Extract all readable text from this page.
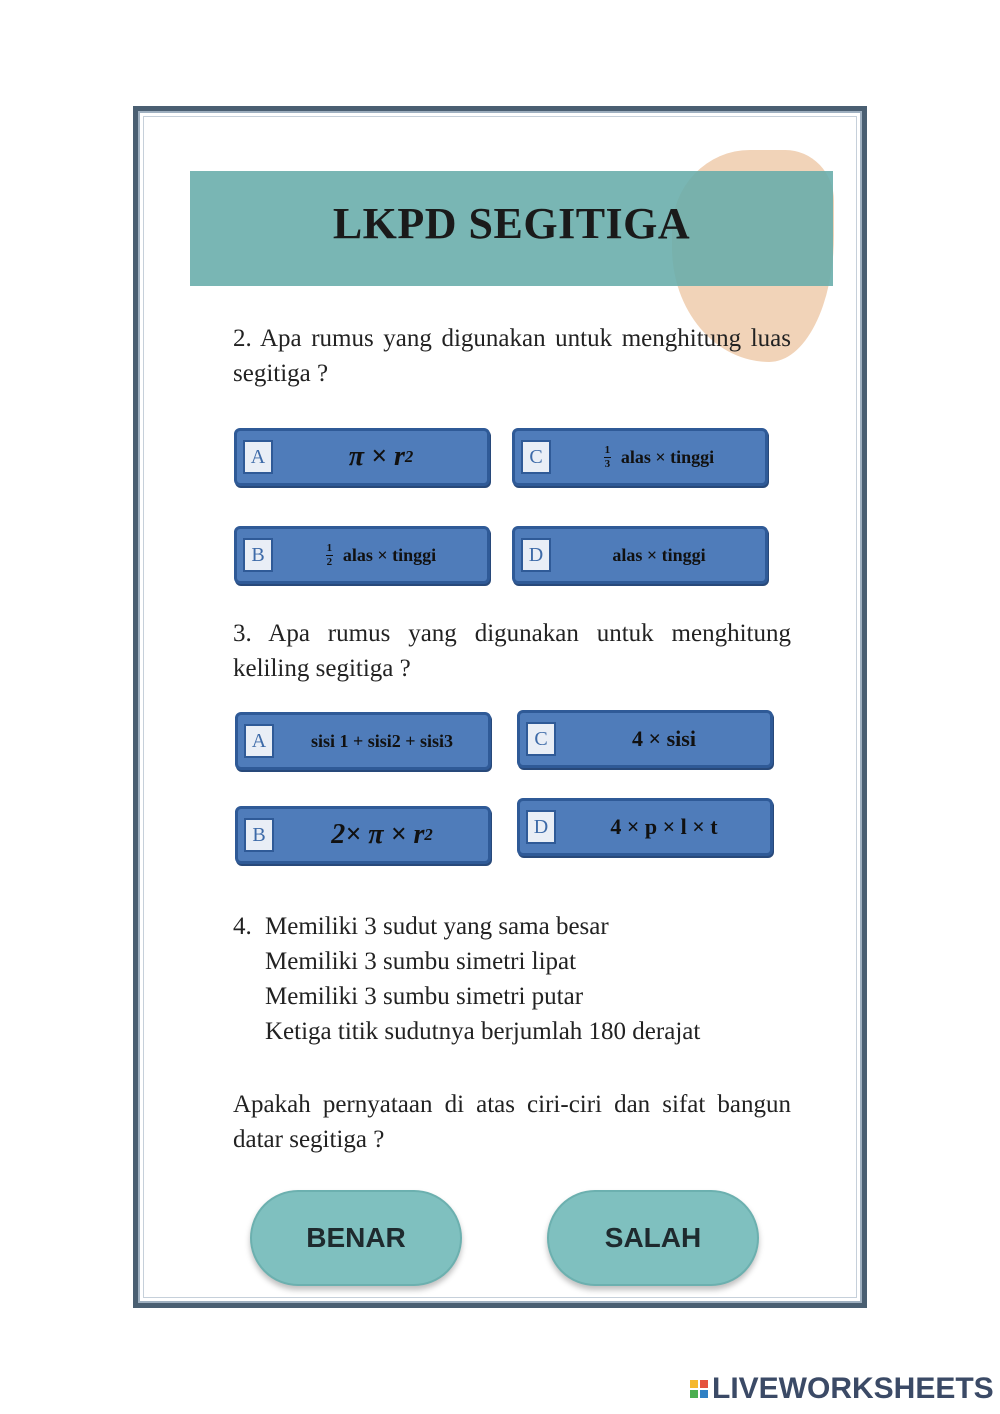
LKPD SEGITIGA
2. Apa rumus yang digunakan untuk menghitung luas segitiga ?
A	π × r 2	C	$\frac{1}{3}$ alas × tinggi
B	$\frac{1}{2}$ alas × tinggi	D	alas × tinggi
3. Apa rumus yang digunakan untuk menghitung keliling segitiga ?
A	sisi 1 + sisi2 + sisi3	C	4 × sisi
B 2× π × r 2	D	4 × p × l × t
4. Memiliki 3 sudut yang sama besar
Memiliki 3 sumbu simetri lipat
Memiliki 3 sumbu simetri putar
Ketiga titik sudutnya berjumlah 180 derajat
Apakah pernyataan di atas ciri-ciri dan sifat bangun datar segitiga ?
BENAR	SALAH
LIVEWORKSHEETS
